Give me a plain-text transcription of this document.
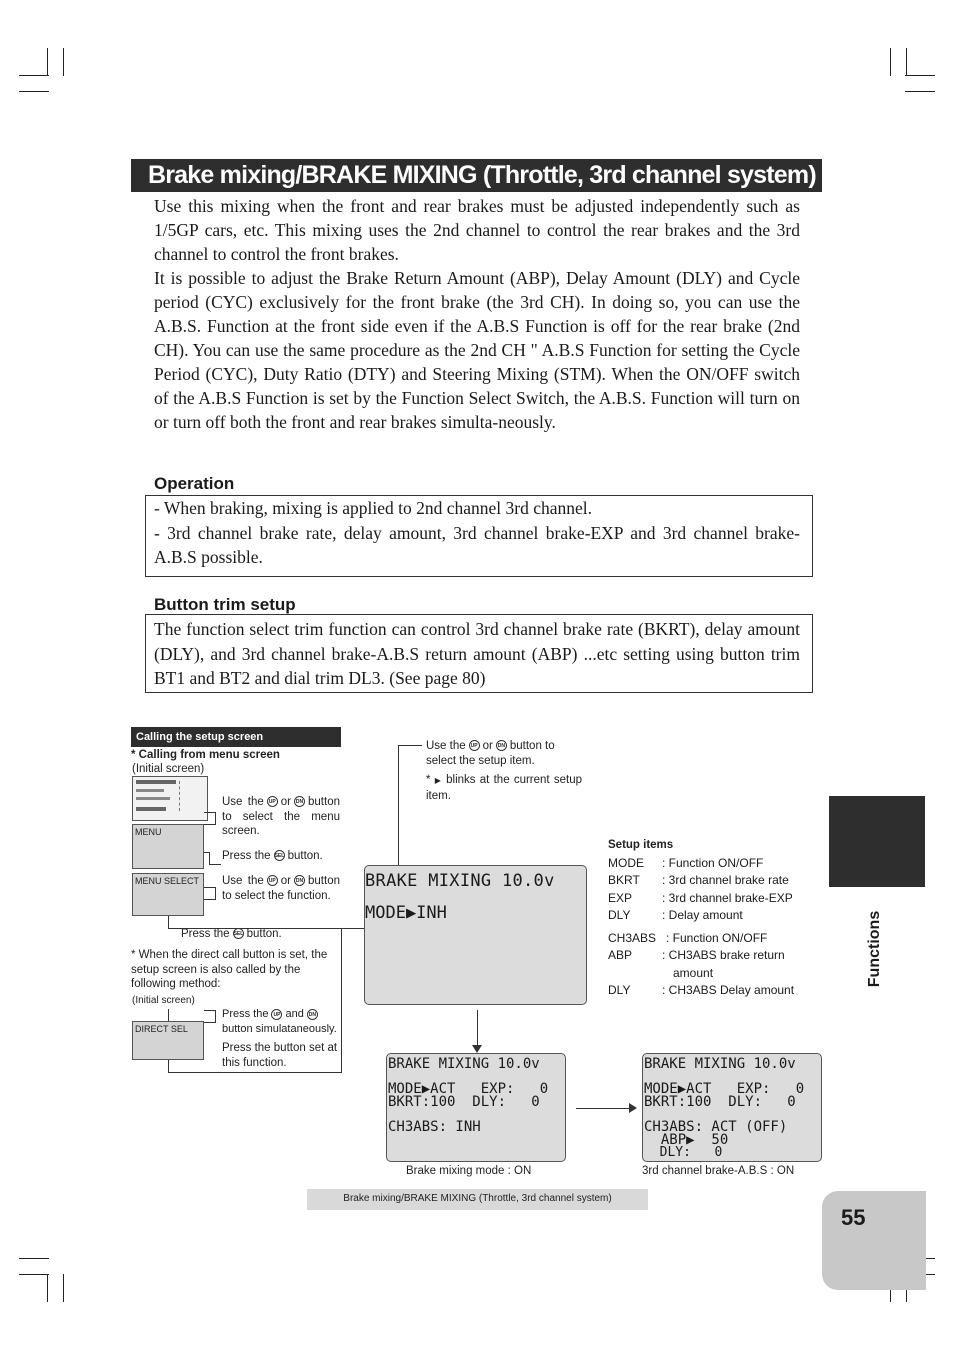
Brake mixing/BRAKE MIXING (Throttle, 3rd channel system)

Use this mixing when the front and rear brakes must be adjusted independently such as 1/5GP cars, etc. This mixing uses the 2nd channel to control the rear brakes and the 3rd channel to control the front brakes.

It is possible to adjust the Brake Return Amount (ABP), Delay Amount (DLY) and Cycle period (CYC) exclusively for the front brake (the 3rd CH). In doing so, you can use the A.B.S. Function at the front side even if the A.B.S Function is off for the rear brake (2nd CH). You can use the same procedure as the 2nd CH " A.B.S Function for setting the Cycle Period (CYC), Duty Ratio (DTY) and Steering Mixing (STM). When the ON/OFF switch of the A.B.S Function is set by the Function Select Switch, the A.B.S. Function will turn on or turn off both the front and rear brakes simulta-neously.

Operation

- When braking, mixing is applied to 2nd channel 3rd channel.

- 3rd channel brake rate, delay amount, 3rd channel brake-EXP and 3rd channel brake-A.B.S possible.

Button trim setup
The function select trim function can control 3rd channel brake rate (BKRT), delay amount (DLY), and 3rd channel brake-A.B.S return amount (ABP) ...etc setting using button trim BT1 and BT2 and dial trim DL3. (See page 80)
Functions
55
Calling the setup screen
* Calling from menu screen
(Initial screen)
MENU
MENU SELECT
DIRECT SEL
Use the UP or DN button to select the menu screen.
Press the SEL button.
Use the UP or DN button to select the function.
Press the SEL button.
* When the direct call button is set, the setup screen is also called by the following method:
(Initial screen)
Press the UP and DNbutton simulataneously.
Press the button set at this function.
Use the UP or DN button to select the setup item.
* ▶ blinks at the current setup item.
BRAKE MIXING 10.0v
MODE▶INH
Setup items
MODE : Function ON/OFF
BKRT : 3rd channel brake rate
EXP : 3rd channel brake-EXP
DLY	: Delay amount
CH3ABS : Function ON/OFF
ABP : CH3ABS brake return
amount
DLY	: CH3ABS Delay amount
BRAKE MIXING 10.0v
MODE▶ACT   EXP:   0
BKRT:100  DLY:   0
CH3ABS: INH
Brake mixing mode : ON
BRAKE MIXING 10.0v
MODE▶ACT   EXP:   0
BKRT:100  DLY:   0
CH3ABS: ACT (OFF)
ABP▶  50
DLY:   0
3rd channel brake-A.B.S : ON
Brake mixing/BRAKE MIXING (Throttle, 3rd channel system)
